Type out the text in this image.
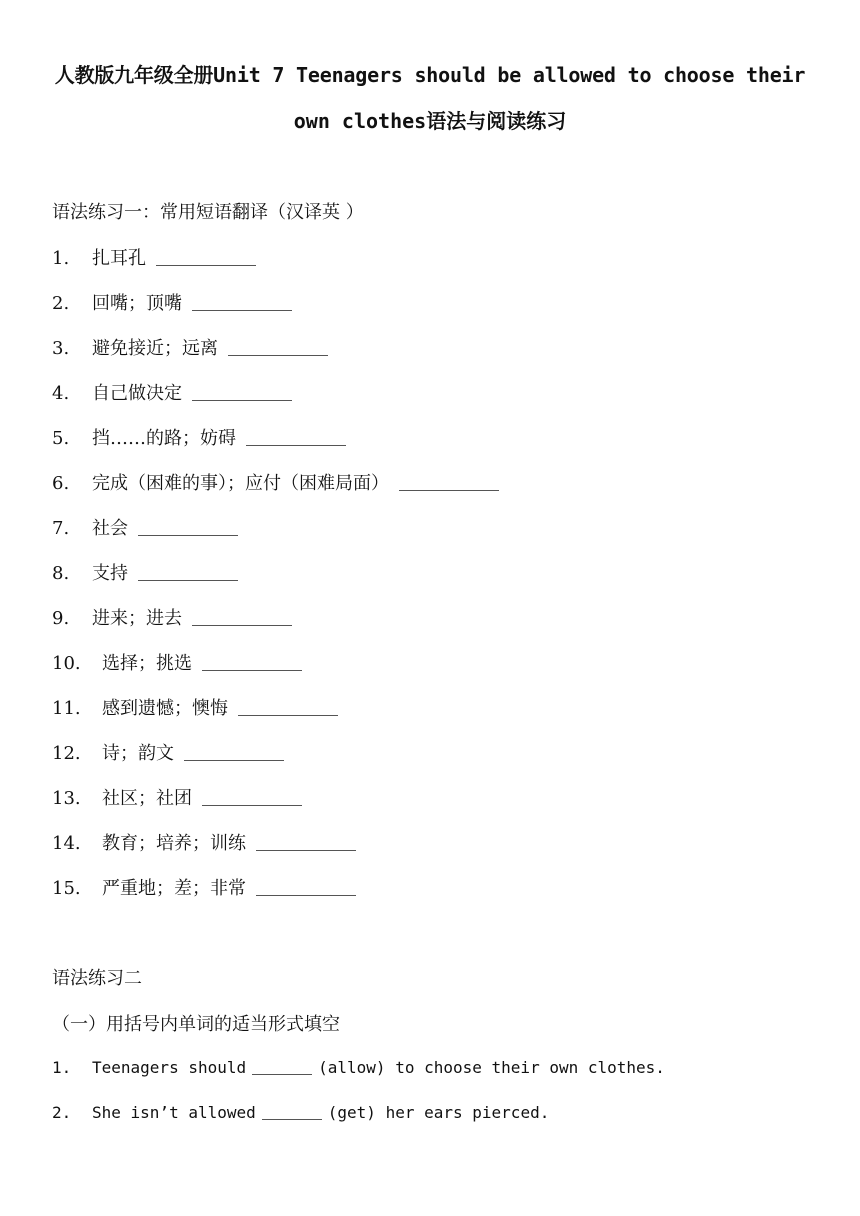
人教版九年级全册Unit 7 Teenagers should be allowed to choose their
own clothes语法与阅读练习
语法练习一：常用短语翻译（汉译英 ）
1. 扎耳孔
2. 回嘴；顶嘴
3. 避免接近；远离
4. 自己做决定
5. 挡……的路；妨碍
6. 完成（困难的事）；应付（困难局面）
7. 社会
8. 支持
9. 进来；进去
10. 选择；挑选
11. 感到遗憾；懊悔
12. 诗；韵文
13. 社区；社团
14. 教育；培养；训练
15. 严重地；差；非常
语法练习二
（一）用括号内单词的适当形式填空
1. Teenagers should	(allow) to choose their own clothes.
2. She isn’t allowed	(get) her ears pierced.
